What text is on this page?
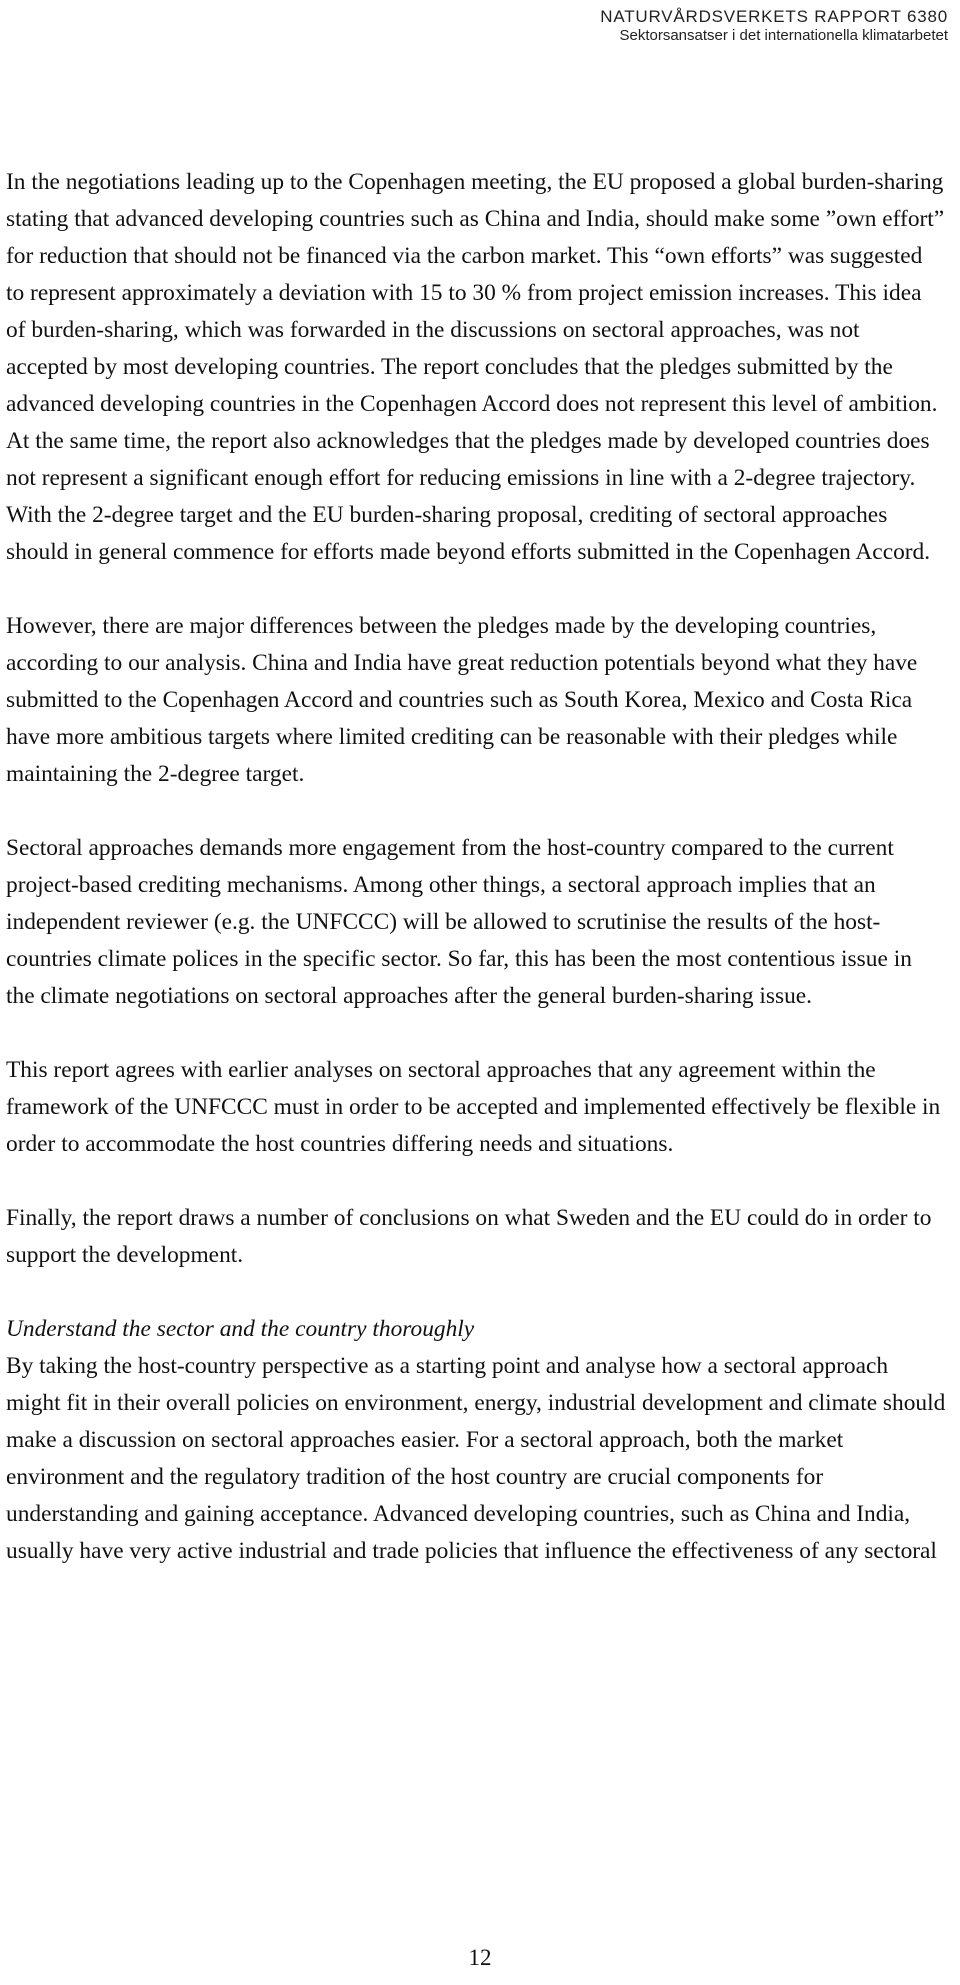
NATURVÅRDSVERKETS RAPPORT 6380
Sektorsansatser i det internationella klimatarbetet

In the negotiations leading up to the Copenhagen meeting, the EU proposed a global burden-sharing stating that advanced developing countries such as China and India, should make some ”own effort” for reduction that should not be financed via the carbon market. This “own efforts” was suggested to represent approximately a deviation with 15 to 30 % from project emission increases. This idea of burden-sharing, which was forwarded in the discussions on sectoral approaches, was not accepted by most developing countries. The report concludes that the pledges submitted by the advanced developing countries in the Copenhagen Accord does not represent this level of ambition. At the same time, the report also acknowledges that the pledges made by developed countries does not represent a significant enough effort for reducing emissions in line with a 2-degree trajectory. With the 2-degree target and the EU burden-sharing proposal, crediting of sectoral approaches should in general commence for efforts made beyond efforts submitted in the Copenhagen Accord.

However, there are major differences between the pledges made by the developing countries, according to our analysis. China and India have great reduction potentials beyond what they have submitted to the Copenhagen Accord and countries such as South Korea, Mexico and Costa Rica have more ambitious targets where limited crediting can be reasonable with their pledges while maintaining the 2-degree target.

Sectoral approaches demands more engagement from the host-country compared to the current project-based crediting mechanisms. Among other things, a sectoral approach implies that an independent reviewer (e.g. the UNFCCC) will be allowed to scrutinise the results of the host-countries climate polices in the specific sector. So far, this has been the most contentious issue in the climate negotiations on sectoral approaches after the general burden-sharing issue.

This report agrees with earlier analyses on sectoral approaches that any agreement within the framework of the UNFCCC must in order to be accepted and implemented effectively be flexible in order to accommodate the host countries differing needs and situations.

Finally, the report draws a number of conclusions on what Sweden and the EU could do in order to support the development.

Understand the sector and the country thoroughly

By taking the host-country perspective as a starting point and analyse how a sectoral approach might fit in their overall policies on environment, energy, industrial development and climate should make a discussion on sectoral approaches easier. For a sectoral approach, both the market environment and the regulatory tradition of the host country are crucial components for understanding and gaining acceptance. Advanced developing countries, such as China and India, usually have very active industrial and trade policies that influence the effectiveness of any sectoral

12
